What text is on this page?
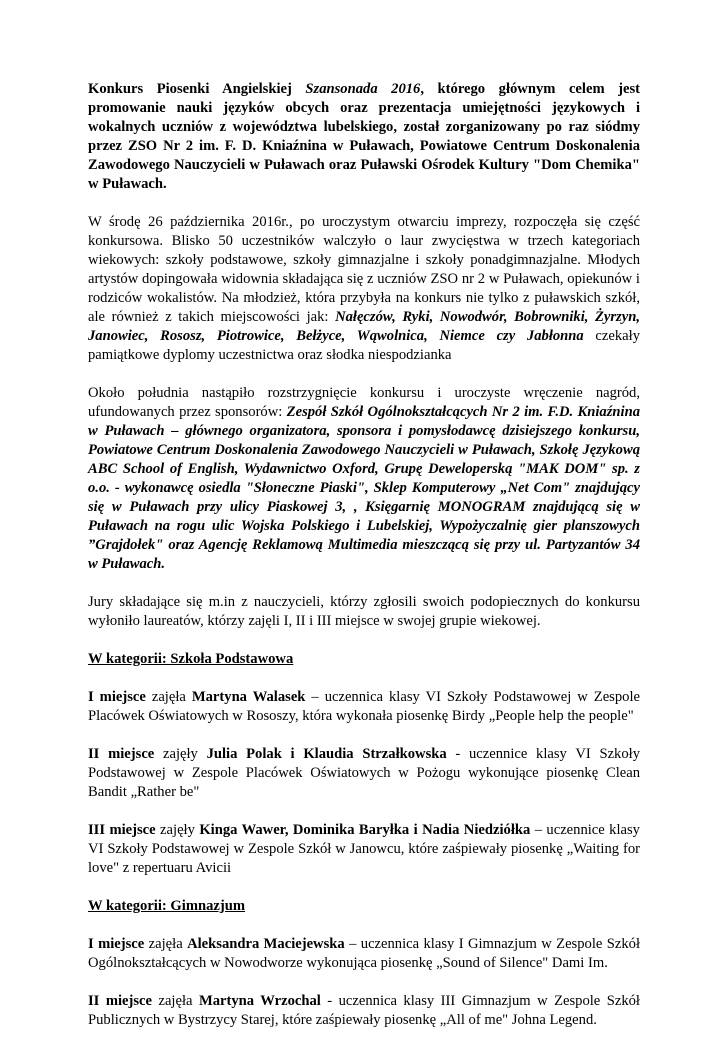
Konkurs Piosenki Angielskiej Szansonada 2016, którego głównym celem jest promowanie nauki języków obcych oraz prezentacja umiejętności językowych i wokalnych uczniów z województwa lubelskiego, został zorganizowany po raz siódmy przez ZSO Nr 2 im. F. D. Kniaźnina w Puławach, Powiatowe Centrum Doskonalenia Zawodowego Nauczycieli w Puławach oraz Puławski Ośrodek Kultury "Dom Chemika" w Puławach.

W środę 26 października 2016r., po uroczystym otwarciu imprezy, rozpoczęła się część konkursowa. Blisko 50 uczestników walczyło o laur zwycięstwa w trzech kategoriach wiekowych: szkoły podstawowe, szkoły gimnazjalne i szkoły ponadgimnazjalne. Młodych artystów dopingowała widownia składająca się z uczniów ZSO nr 2 w Puławach, opiekunów i rodziców wokalistów. Na młodzież, która przybyła na konkurs nie tylko z puławskich szkół, ale również z takich miejscowości jak: Nałęczów, Ryki, Nowodwór, Bobrowniki, Żyrzyn, Janowiec, Rososz, Piotrowice, Bełżyce, Wąwolnica, Niemce czy Jabłonna czekały pamiątkowe dyplomy uczestnictwa oraz słodka niespodzianka

Około południa nastąpiło rozstrzygnięcie konkursu i uroczyste wręczenie nagród, ufundowanych przez sponsorów: Zespół Szkół Ogólnokształcących Nr 2 im. F.D. Kniaźnina w Puławach – głównego organizatora, sponsora i pomysłodawcę dzisiejszego konkursu, Powiatowe Centrum Doskonalenia Zawodowego Nauczycieli w Puławach, Szkołę Językową ABC School of English, Wydawnictwo Oxford, Grupę Deweloperską "MAK DOM" sp. z o.o. - wykonawcę osiedla "Słoneczne Piaski", Sklep Komputerowy „Net Com" znajdujący się w Puławach przy ulicy Piaskowej 3, , Księgarnię MONOGRAM znajdującą się w Puławach na rogu ulic Wojska Polskiego i Lubelskiej, Wypożyczalnię gier planszowych ”Grajdołek" oraz Agencję Reklamową Multimedia mieszczącą się przy ul. Partyzantów 34 w Puławach.

Jury składające się m.in z nauczycieli, którzy zgłosili swoich podopiecznych do konkursu wyłoniło laureatów, którzy zajęli I, II i III miejsce w swojej grupie wiekowej.

W kategorii: Szkoła Podstawowa

I miejsce zajęła Martyna Walasek – uczennica klasy VI Szkoły Podstawowej w Zespole Placówek Oświatowych w Rososzy, która wykonała piosenkę Birdy „People help the people"

II miejsce zajęły Julia Polak i Klaudia Strzałkowska - uczennice klasy VI Szkoły Podstawowej w Zespole Placówek Oświatowych w Pożogu wykonujące piosenkę Clean Bandit „Rather be"

III miejsce zajęły Kinga Wawer, Dominika Baryłka i Nadia Niedziółka – uczennice klasy VI Szkoły Podstawowej w Zespole Szkół w Janowcu, które zaśpiewały piosenkę „Waiting for love" z repertuaru Avicii

W kategorii: Gimnazjum

I miejsce zajęła Aleksandra Maciejewska – uczennica klasy I Gimnazjum w Zespole Szkół Ogólnokształcących w Nowodworze wykonująca piosenkę „Sound of Silence" Dami Im.

II miejsce zajęła Martyna Wrzochal - uczennica klasy III Gimnazjum w Zespole Szkół Publicznych w Bystrzycy Starej, które zaśpiewały piosenkę „All of me" Johna Legend.
